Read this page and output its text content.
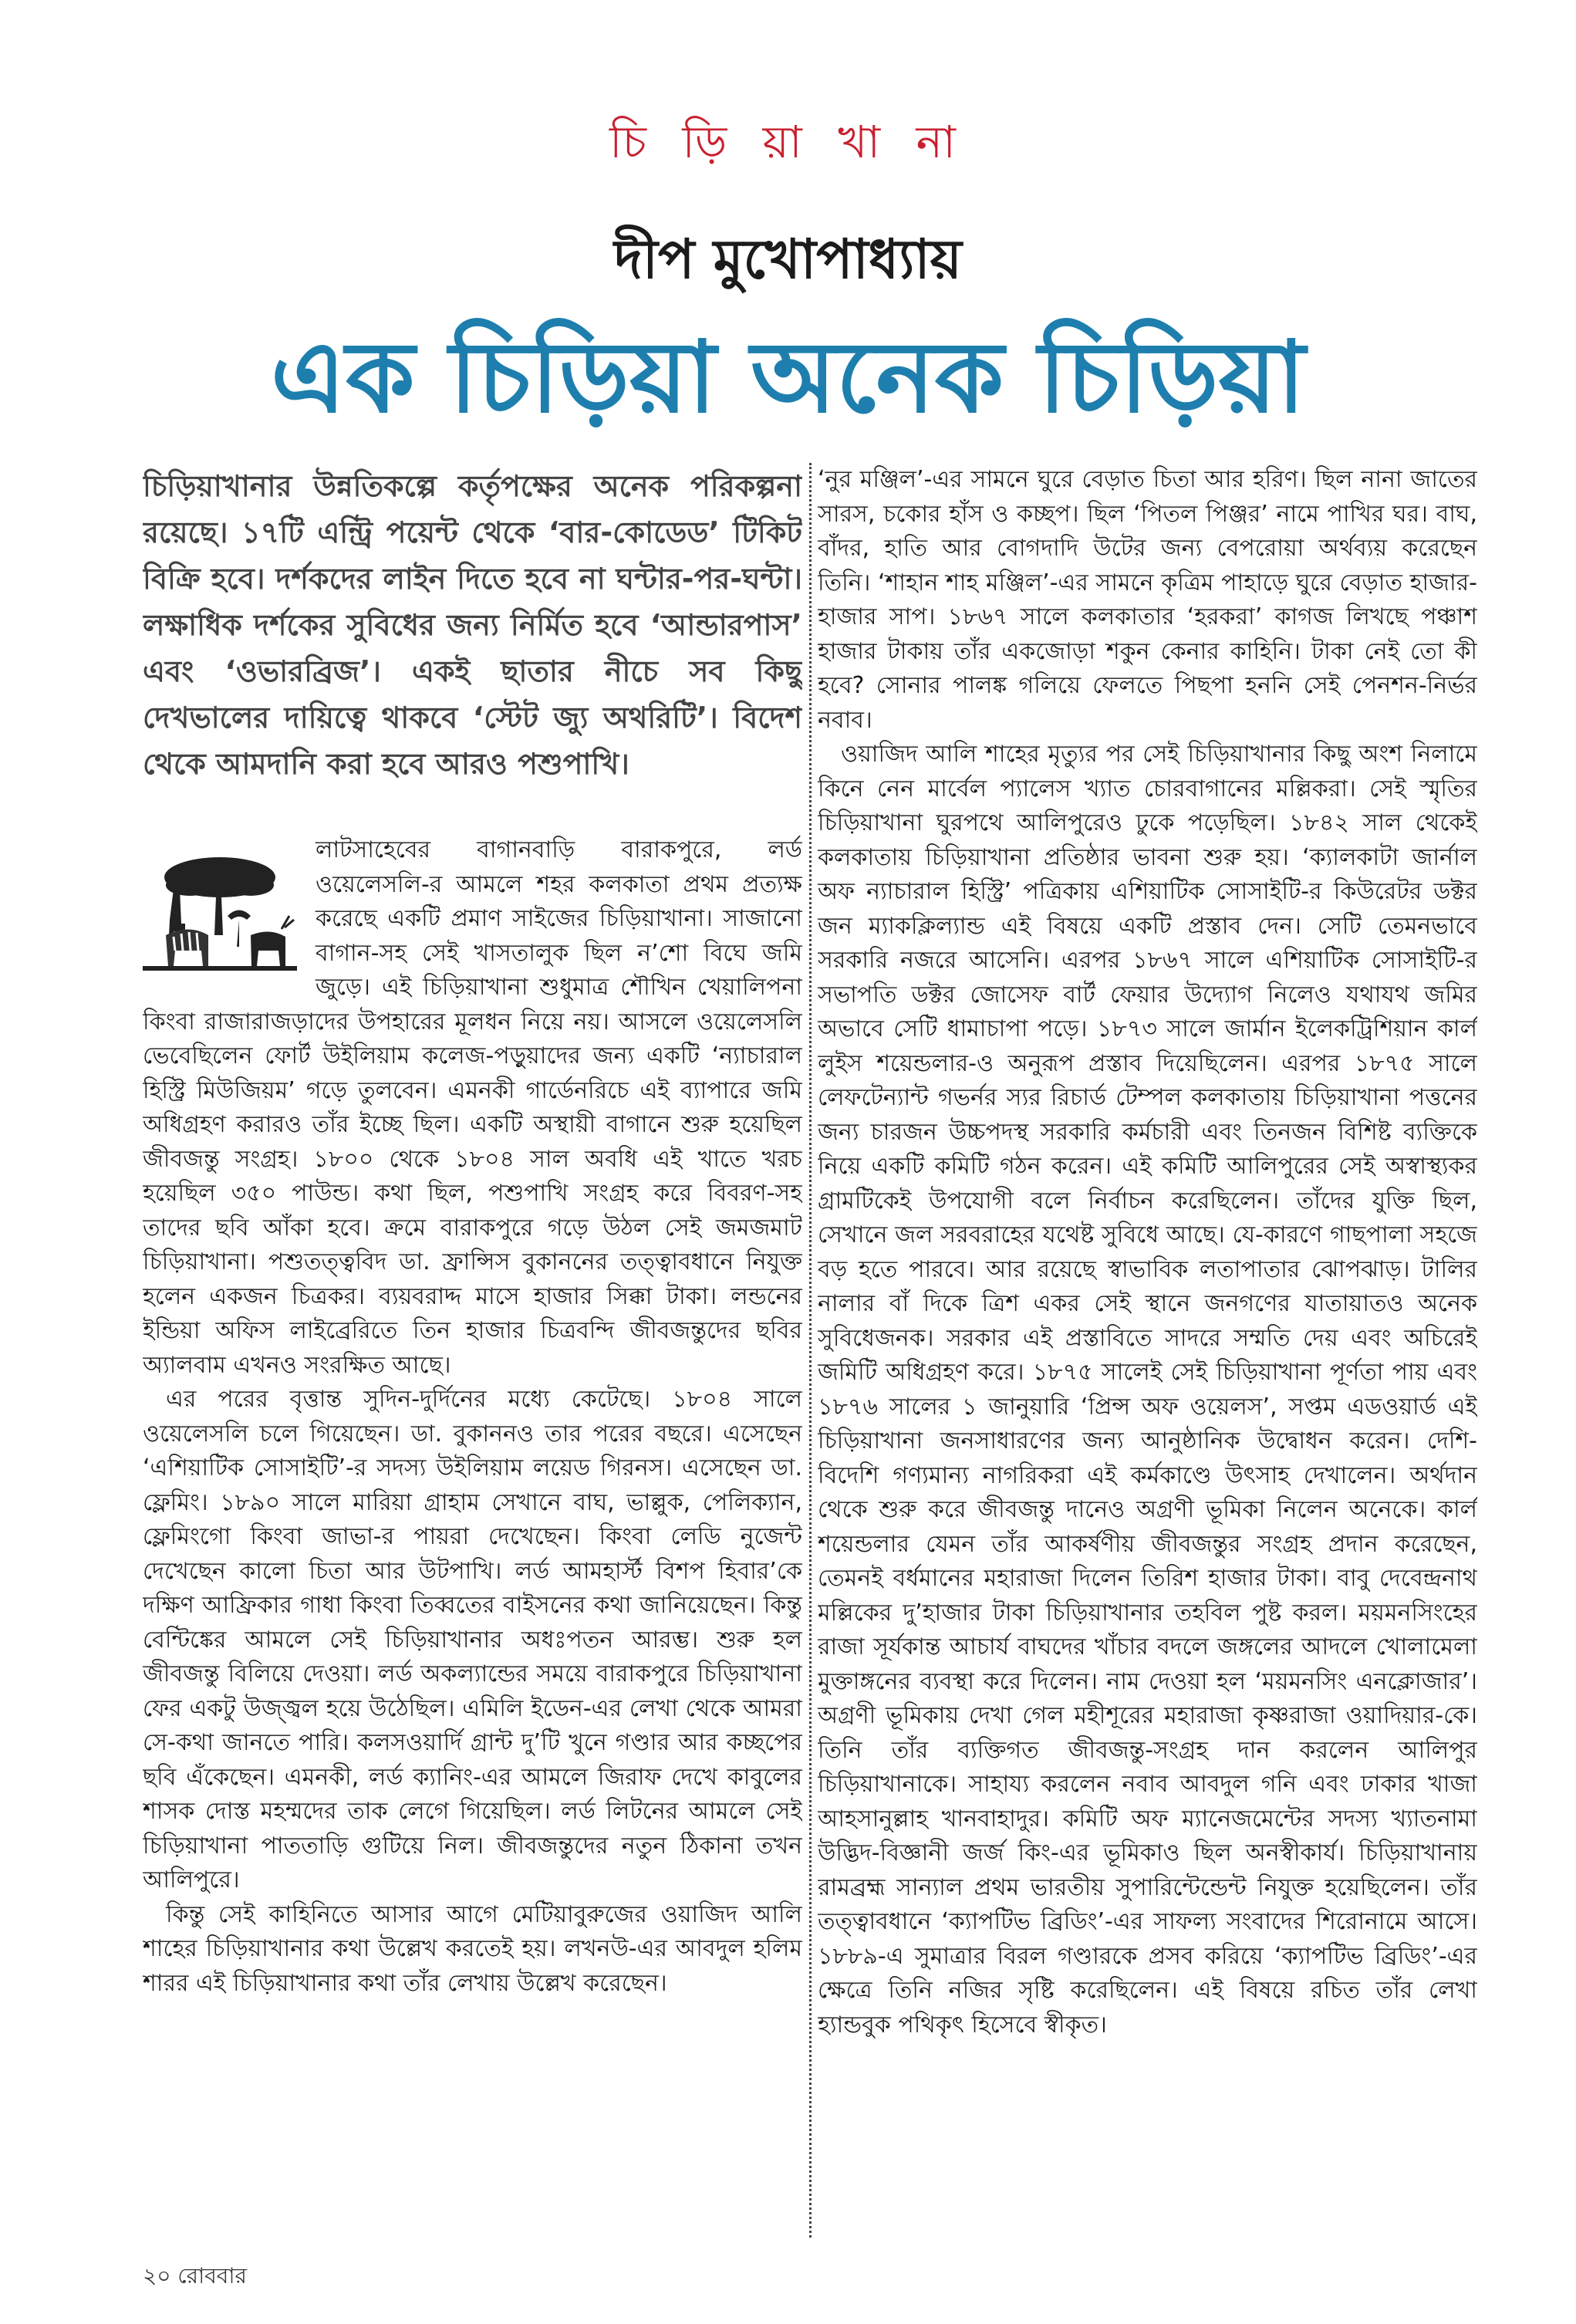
চি ড়ি য়া খা না
দীপ মুখোপাধ্যায়
এক চিড়িয়া অনেক চিড়িয়া

চিড়িয়াখানার উন্নতিকল্পে কর্তৃপক্ষের অনেক পরিকল্পনা রয়েছে। ১৭টি এন্ট্রি পয়েন্ট থেকে ‘বার-কোডেড’ টিকিট বিক্রি হবে। দর্শকদের লাইন দিতে হবে না ঘন্টার-পর-ঘন্টা। লক্ষাধিক দর্শকের সুবিধের জন্য নির্মিত হবে ‘আন্ডারপাস’ এবং ‘ওভারব্রিজ’। একই ছাতার নীচে সব কিছু দেখভালের দায়িত্বে থাকবে ‘স্টেট জ্যু অথরিটি’। বিদেশ থেকে আমদানি করা হবে আরও পশুপাখি।

লাটসাহেবের বাগানবাড়ি বারাকপুরে, লর্ড ওয়েলেসলি-র আমলে শহর কলকাতা প্রথম প্রত্যক্ষ করেছে একটি প্রমাণ সাইজের চিড়িয়াখানা। সাজানো বাগান-সহ সেই খাসতালুক ছিল ন’শো বিঘে জমি জুড়ে। এই চিড়িয়াখানা শুধুমাত্র শৌখিন খেয়ালিপনা কিংবা রাজারাজড়াদের উপহারের মূলধন নিয়ে নয়। আসলে ওয়েলেসলি ভেবেছিলেন ফোর্ট উইলিয়াম কলেজ-পড়ুয়াদের জন্য একটি ‘ন্যাচারাল হিস্ট্রি মিউজিয়ম’ গড়ে তুলবেন। এমনকী গার্ডেনরিচে এই ব্যাপারে জমি অধিগ্রহণ করারও তাঁর ইচ্ছে ছিল। একটি অস্থায়ী বাগানে শুরু হয়েছিল জীবজন্তু সংগ্রহ। ১৮০০ থেকে ১৮০৪ সাল অবধি এই খাতে খরচ হয়েছিল ৩৫০ পাউন্ড। কথা ছিল, পশুপাখি সংগ্রহ করে বিবরণ-সহ তাদের ছবি আঁকা হবে। ক্রমে বারাকপুরে গড়ে উঠল সেই জমজমাট চিড়িয়াখানা। পশুতত্ত্ববিদ ডা. ফ্রান্সিস বুকাননের তত্ত্বাবধানে নিযুক্ত হলেন একজন চিত্রকর। ব্যয়বরাদ্দ মাসে হাজার সিক্কা টাকা। লন্ডনের ইন্ডিয়া অফিস লাইব্রেরিতে তিন হাজার চিত্রবন্দি জীবজন্তুদের ছবির অ্যালবাম এখনও সংরক্ষিত আছে।

এর পরের বৃত্তান্ত সুদিন-দুর্দিনের মধ্যে কেটেছে। ১৮০৪ সালে ওয়েলেসলি চলে গিয়েছেন। ডা. বুকাননও তার পরের বছরে। এসেছেন ‘এশিয়াটিক সোসাইটি’-র সদস্য উইলিয়াম লয়েড গিরনস। এসেছেন ডা. ফ্লেমিং। ১৮৯০ সালে মারিয়া গ্রাহাম সেখানে বাঘ, ভাল্লুক, পেলিক্যান, ফ্লেমিংগো কিংবা জাভা-র পায়রা দেখেছেন। কিংবা লেডি নুজেন্ট দেখেছেন কালো চিতা আর উটপাখি। লর্ড আমহার্স্ট বিশপ হিবার’কে দক্ষিণ আফ্রিকার গাধা কিংবা তিব্বতের বাইসনের কথা জানিয়েছেন। কিন্তু বেন্টিঙ্কের আমলে সেই চিড়িয়াখানার অধঃপতন আরম্ভ। শুরু হল জীবজন্তু বিলিয়ে দেওয়া। লর্ড অকল্যান্ডের সময়ে বারাকপুরে চিড়িয়াখানা ফের একটু উজ্জ্বল হয়ে উঠেছিল। এমিলি ইডেন-এর লেখা থেকে আমরা সে-কথা জানতে পারি। কলসওয়ার্দি গ্রান্ট দু’টি খুনে গণ্ডার আর কচ্ছপের ছবি এঁকেছেন। এমনকী, লর্ড ক্যানিং-এর আমলে জিরাফ দেখে কাবুলের শাসক দোস্ত মহম্মদের তাক লেগে গিয়েছিল। লর্ড লিটনের আমলে সেই চিড়িয়াখানা পাততাড়ি গুটিয়ে নিল। জীবজন্তুদের নতুন ঠিকানা তখন আলিপুরে।

কিন্তু সেই কাহিনিতে আসার আগে মেটিয়াবুরুজের ওয়াজিদ আলি শাহের চিড়িয়াখানার কথা উল্লেখ করতেই হয়। লখনউ-এর আবদুল হলিম শারর এই চিড়িয়াখানার কথা তাঁর লেখায় উল্লেখ করেছেন।

‘নুর মঞ্জিল’-এর সামনে ঘুরে বেড়াত চিতা আর হরিণ। ছিল নানা জাতের সারস, চকোর হাঁস ও কচ্ছপ। ছিল ‘পিতল পিঞ্জর’ নামে পাখির ঘর। বাঘ, বাঁদর, হাতি আর বোগদাদি উটের জন্য বেপরোয়া অর্থব্যয় করেছেন তিনি। ‘শাহান শাহ মঞ্জিল’-এর সামনে কৃত্রিম পাহাড়ে ঘুরে বেড়াত হাজার-হাজার সাপ। ১৮৬৭ সালে কলকাতার ‘হরকরা’ কাগজ লিখছে পঞ্চাশ হাজার টাকায় তাঁর একজোড়া শকুন কেনার কাহিনি। টাকা নেই তো কী হবে? সোনার পালঙ্ক গলিয়ে ফেলতে পিছপা হননি সেই পেনশন-নির্ভর নবাব।

ওয়াজিদ আলি শাহের মৃত্যুর পর সেই চিড়িয়াখানার কিছু অংশ নিলামে কিনে নেন মার্বেল প্যালেস খ্যাত চোরবাগানের মল্লিকরা। সেই স্মৃতির চিড়িয়াখানা ঘুরপথে আলিপুরেও ঢুকে পড়েছিল। ১৮৪২ সাল থেকেই কলকাতায় চিড়িয়াখানা প্রতিষ্ঠার ভাবনা শুরু হয়। ‘ক্যালকাটা জার্নাল অফ ন্যাচারাল হিস্ট্রি’ পত্রিকায় এশিয়াটিক সোসাইটি-র কিউরেটর ডক্টর জন ম্যাকক্লিল্যান্ড এই বিষয়ে একটি প্রস্তাব দেন। সেটি তেমনভাবে সরকারি নজরে আসেনি। এরপর ১৮৬৭ সালে এশিয়াটিক সোসাইটি-র সভাপতি ডক্টর জোসেফ বার্ট ফেয়ার উদ্যোগ নিলেও যথাযথ জমির অভাবে সেটি ধামাচাপা পড়ে। ১৮৭৩ সালে জার্মান ইলেকট্রিশিয়ান কার্ল লুইস শয়েন্ডলার-ও অনুরূপ প্রস্তাব দিয়েছিলেন। এরপর ১৮৭৫ সালে লেফটেন্যান্ট গভর্নর স্যর রিচার্ড টেম্পল কলকাতায় চিড়িয়াখানা পত্তনের জন্য চারজন উচ্চপদস্থ সরকারি কর্মচারী এবং তিনজন বিশিষ্ট ব্যক্তিকে নিয়ে একটি কমিটি গঠন করেন। এই কমিটি আলিপুরের সেই অস্বাস্থ্যকর গ্রামটিকেই উপযোগী বলে নির্বাচন করেছিলেন। তাঁদের যুক্তি ছিল, সেখানে জল সরবরাহের যথেষ্ট সুবিধে আছে। যে-কারণে গাছপালা সহজে বড় হতে পারবে। আর রয়েছে স্বাভাবিক লতাপাতার ঝোপঝাড়। টালির নালার বাঁ দিকে ত্রিশ একর সেই স্থানে জনগণের যাতায়াতও অনেক সুবিধেজনক। সরকার এই প্রস্তাবিতে সাদরে সম্মতি দেয় এবং অচিরেই জমিটি অধিগ্রহণ করে। ১৮৭৫ সালেই সেই চিড়িয়াখানা পূর্ণতা পায় এবং ১৮৭৬ সালের ১ জানুয়ারি ‘প্রিন্স অফ ওয়েলস’, সপ্তম এডওয়ার্ড এই চিড়িয়াখানা জনসাধারণের জন্য আনুষ্ঠানিক উদ্বোধন করেন। দেশি-বিদেশি গণ্যমান্য নাগরিকরা এই কর্মকাণ্ডে উৎসাহ দেখালেন। অর্থদান থেকে শুরু করে জীবজন্তু দানেও অগ্রণী ভূমিকা নিলেন অনেকে। কার্ল শয়েন্ডলার যেমন তাঁর আকর্ষণীয় জীবজন্তুর সংগ্রহ প্রদান করেছেন, তেমনই বর্ধমানের মহারাজা দিলেন তিরিশ হাজার টাকা। বাবু দেবেন্দ্রনাথ মল্লিকের দু’হাজার টাকা চিড়িয়াখানার তহবিল পুষ্ট করল। ময়মনসিংহের রাজা সূর্যকান্ত আচার্য বাঘদের খাঁচার বদলে জঙ্গলের আদলে খোলামেলা মুক্তাঙ্গনের ব্যবস্থা করে দিলেন। নাম দেওয়া হল ‘ময়মনসিং এনক্লোজার’। অগ্রণী ভূমিকায় দেখা গেল মহীশূরের মহারাজা কৃষ্ণরাজা ওয়াদিয়ার-কে। তিনি তাঁর ব্যক্তিগত জীবজন্তু-সংগ্রহ দান করলেন আলিপুর চিড়িয়াখানাকে। সাহায্য করলেন নবাব আবদুল গনি এবং ঢাকার খাজা আহসানুল্লাহ খানবাহাদুর। কমিটি অফ ম্যানেজমেন্টের সদস্য খ্যাতনামা উদ্ভিদ-বিজ্ঞানী জর্জ কিং-এর ভূমিকাও ছিল অনস্বীকার্য। চিড়িয়াখানায় রামব্রহ্ম সান্যাল প্রথম ভারতীয় সুপারিন্টেন্ডেন্ট নিযুক্ত হয়েছিলেন। তাঁর তত্ত্বাবধানে ‘ক্যাপটিভ ব্রিডিং’-এর সাফল্য সংবাদের শিরোনামে আসে। ১৮৮৯-এ সুমাত্রার বিরল গণ্ডারকে প্রসব করিয়ে ‘ক্যাপটিভ ব্রিডিং’-এর ক্ষেত্রে তিনি নজির সৃষ্টি করেছিলেন। এই বিষয়ে রচিত তাঁর লেখা হ্যান্ডবুক পথিকৃৎ হিসেবে স্বীকৃত।

২০ রোববার
